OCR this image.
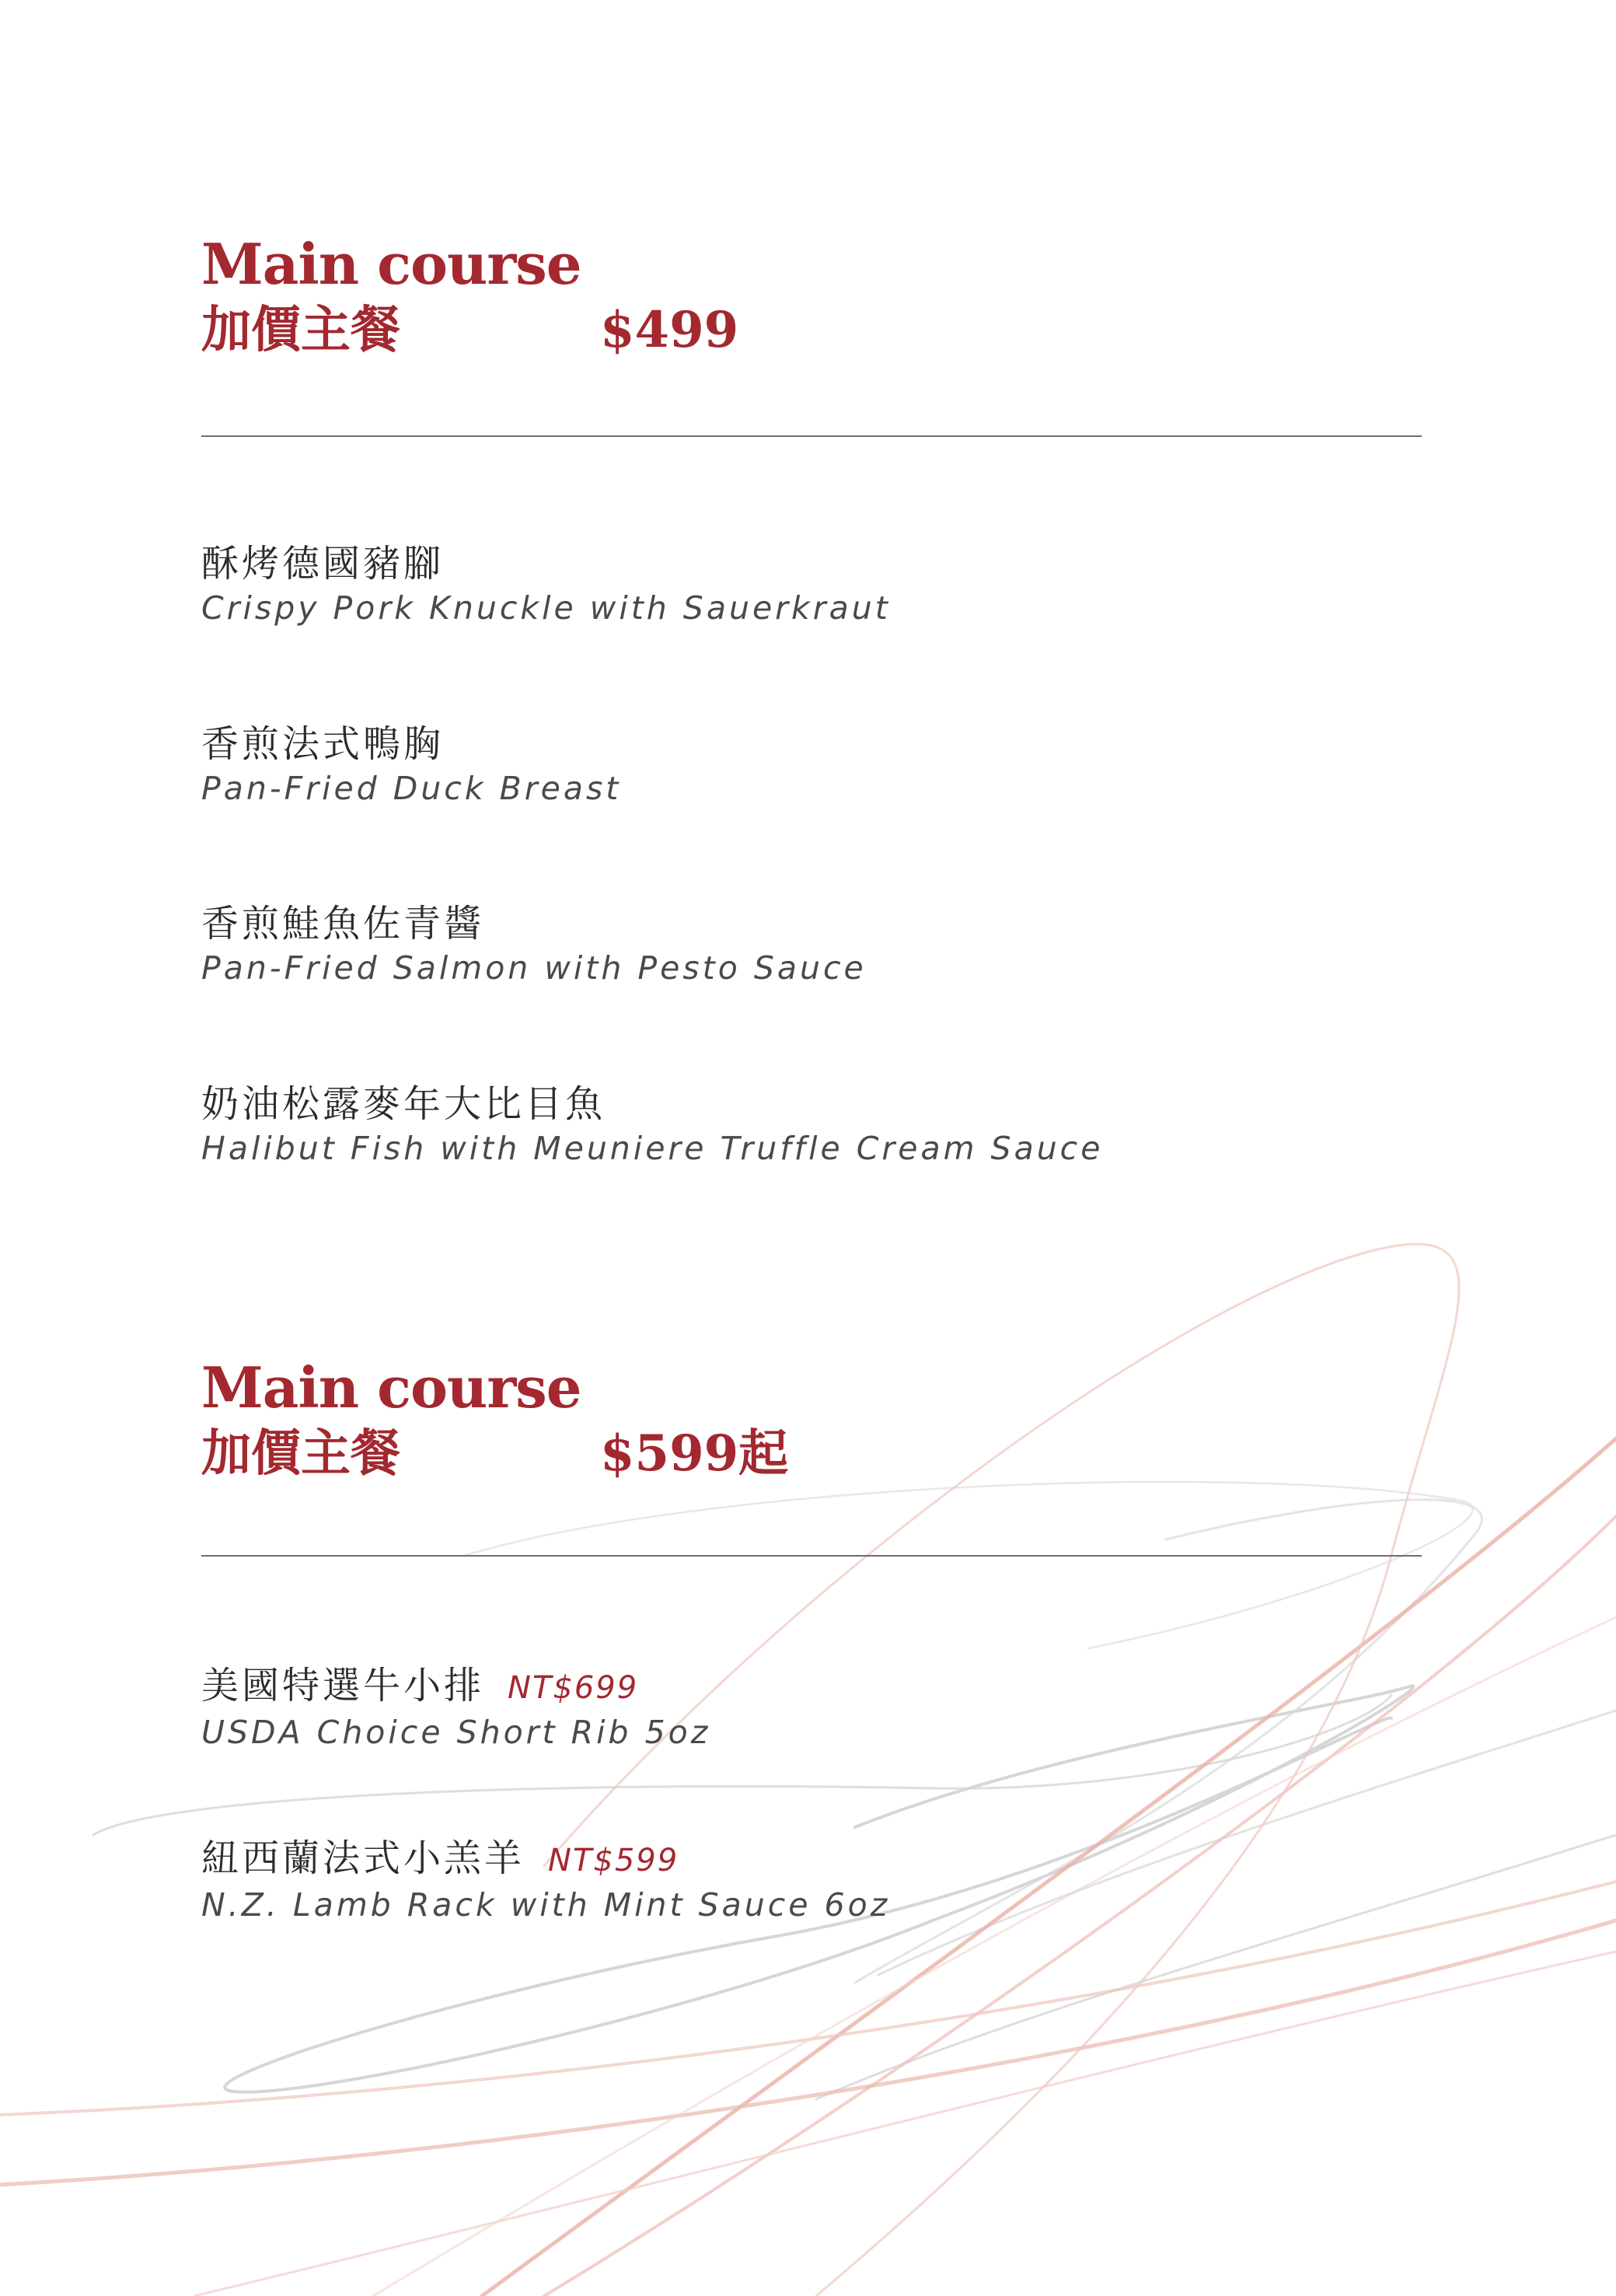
Main course
加價主餐	$499
酥烤德國豬腳
Crispy Pork Knuckle with Sauerkraut
香煎法式鴨胸
Pan-Fried Duck Breast
香煎鮭魚佐青醬
Pan-Fried Salmon with Pesto Sauce
奶油松露麥年大比目魚
Halibut Fish with Meuniere Truffle Cream Sauce
Main course
加價主餐	$599起
美國特選牛小排 NT$699
USDA Choice Short Rib 5oz
紐西蘭法式小羔羊 NT$599
N.Z. Lamb Rack with Mint Sauce 6oz
